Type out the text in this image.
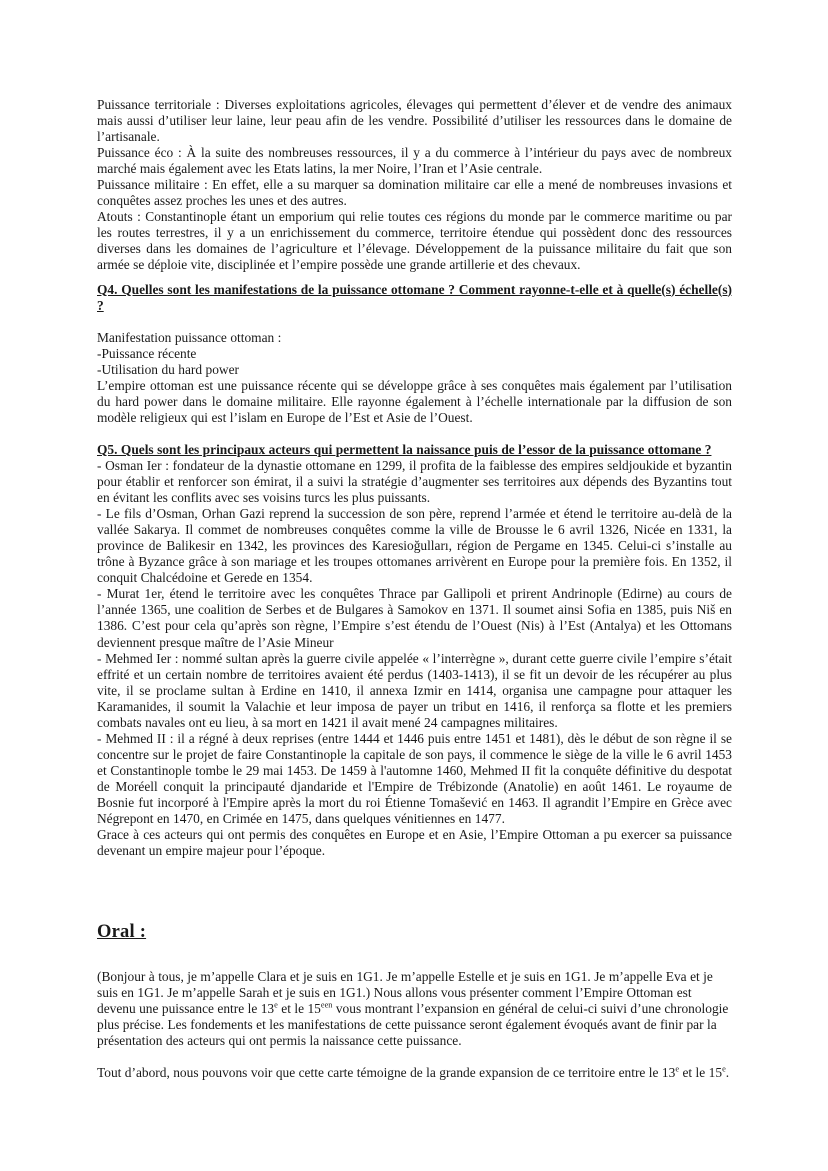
Puissance territoriale : Diverses exploitations agricoles, élevages qui permettent d’élever et de vendre des animaux mais aussi d’utiliser leur laine, leur peau afin de les vendre. Possibilité d’utiliser les ressources dans le domaine de l’artisanale.

Puissance éco : À la suite des nombreuses ressources, il y a du commerce à l’intérieur du pays avec de nombreux marché mais également avec les Etats latins, la mer Noire, l’Iran et l’Asie centrale.

Puissance militaire : En effet, elle a su marquer sa domination militaire car elle a mené de nombreuses invasions et conquêtes assez proches les unes et des autres.

Atouts : Constantinople étant un emporium qui relie toutes ces régions du monde par le commerce maritime ou par les routes terrestres, il y a un enrichissement du commerce, territoire étendue qui possèdent donc des ressources diverses dans les domaines de l’agriculture et l’élevage. Développement de la puissance militaire du fait que son armée se déploie vite, disciplinée et l’empire possède une grande artillerie et des chevaux.

Q4. Quelles sont les manifestations de la puissance ottomane ? Comment rayonne-t-elle et à quelle(s) échelle(s) ?

Manifestation puissance ottoman :

-Puissance récente

-Utilisation du hard power

L’empire ottoman est une puissance récente qui se développe grâce à ses conquêtes mais également par l’utilisation du hard power dans le domaine militaire. Elle rayonne également à l’échelle internationale par la diffusion de son modèle religieux qui est l’islam en Europe de l’Est et Asie de l’Ouest.

Q5. Quels sont les principaux acteurs qui permettent la naissance puis de l’essor de la puissance ottomane ?

- Osman Ier : fondateur de la dynastie ottomane en 1299, il profita de la faiblesse des empires seldjoukide et byzantin pour établir et renforcer son émirat, il a suivi la stratégie d’augmenter ses territoires aux dépends des Byzantins tout en évitant les conflits avec ses voisins turcs les plus puissants.

- Le fils d’Osman, Orhan Gazi reprend la succession de son père, reprend l’armée et étend le territoire au-delà de la vallée Sakarya. Il commet de nombreuses conquêtes comme la ville de Brousse le 6 avril 1326, Nicée en 1331, la province de Balikesir en 1342, les provinces des Karesioğulları, région de Pergame en 1345. Celui-ci s’installe au trône à Byzance grâce à son mariage et les troupes ottomanes arrivèrent en Europe pour la première fois. En 1352, il conquit Chalcédoine et Gerede en 1354.

- Murat 1er, étend le territoire avec les conquêtes Thrace par Gallipoli et prirent Andrinople (Edirne) au cours de l’année 1365, une coalition de Serbes et de Bulgares à Samokov en 1371. Il soumet ainsi Sofia en 1385, puis Niš en 1386. C’est pour cela qu’après son règne, l’Empire s’est étendu de l’Ouest (Nis) à l’Est (Antalya) et les Ottomans deviennent presque maître de l’Asie Mineur

- Mehmed Ier : nommé sultan après la guerre civile appelée « l’interrègne », durant cette guerre civile l’empire s’était effrité et un certain nombre de territoires avaient été perdus (1403-1413), il se fit un devoir de les récupérer au plus vite, il se proclame sultan à Erdine en 1410, il annexa Izmir en 1414, organisa une campagne pour attaquer les Karamanides, il soumit la Valachie et leur imposa de payer un tribut en 1416, il renforça sa flotte et les premiers combats navales ont eu lieu, à sa mort en 1421 il avait mené 24 campagnes militaires.

- Mehmed II : il a régné à deux reprises (entre 1444 et 1446 puis entre 1451 et 1481), dès le début de son règne il se concentre sur le projet de faire Constantinople la capitale de son pays, il commence le siège de la ville le 6 avril 1453 et Constantinople tombe le 29 mai 1453. De 1459 à l'automne 1460, Mehmed II fit la conquête définitive du despotat de Moréell conquit la principauté djandaride et l'Empire de Trébizonde (Anatolie) en août 1461. Le royaume de Bosnie fut incorporé à l'Empire après la mort du roi Étienne Tomašević en 1463. Il agrandit l’Empire en Grèce avec Négrepont en 1470, en Crimée en 1475, dans quelques vénitiennes en 1477.

Grace à ces acteurs qui ont permis des conquêtes en Europe et en Asie, l’Empire Ottoman a pu exercer sa puissance devenant un empire majeur pour l’époque.

Oral :

(Bonjour à tous, je m’appelle Clara et je suis en 1G1. Je m’appelle Estelle et je suis en 1G1. Je m’appelle Eva et je suis en 1G1. Je m’appelle Sarah et je suis en 1G1.) Nous allons vous présenter comment l’Empire Ottoman est devenu une puissance entre le 13e et le $15^{een}$ vous montrant l’expansion en général de celui-ci suivi d’une chronologie plus précise. Les fondements et les manifestations de cette puissance seront également évoqués avant de finir par la présentation des acteurs qui ont permis la naissance cette puissance.

Tout d’abord, nous pouvons voir que cette carte témoigne de la grande expansion de ce territoire entre le 13e et le 15e.
